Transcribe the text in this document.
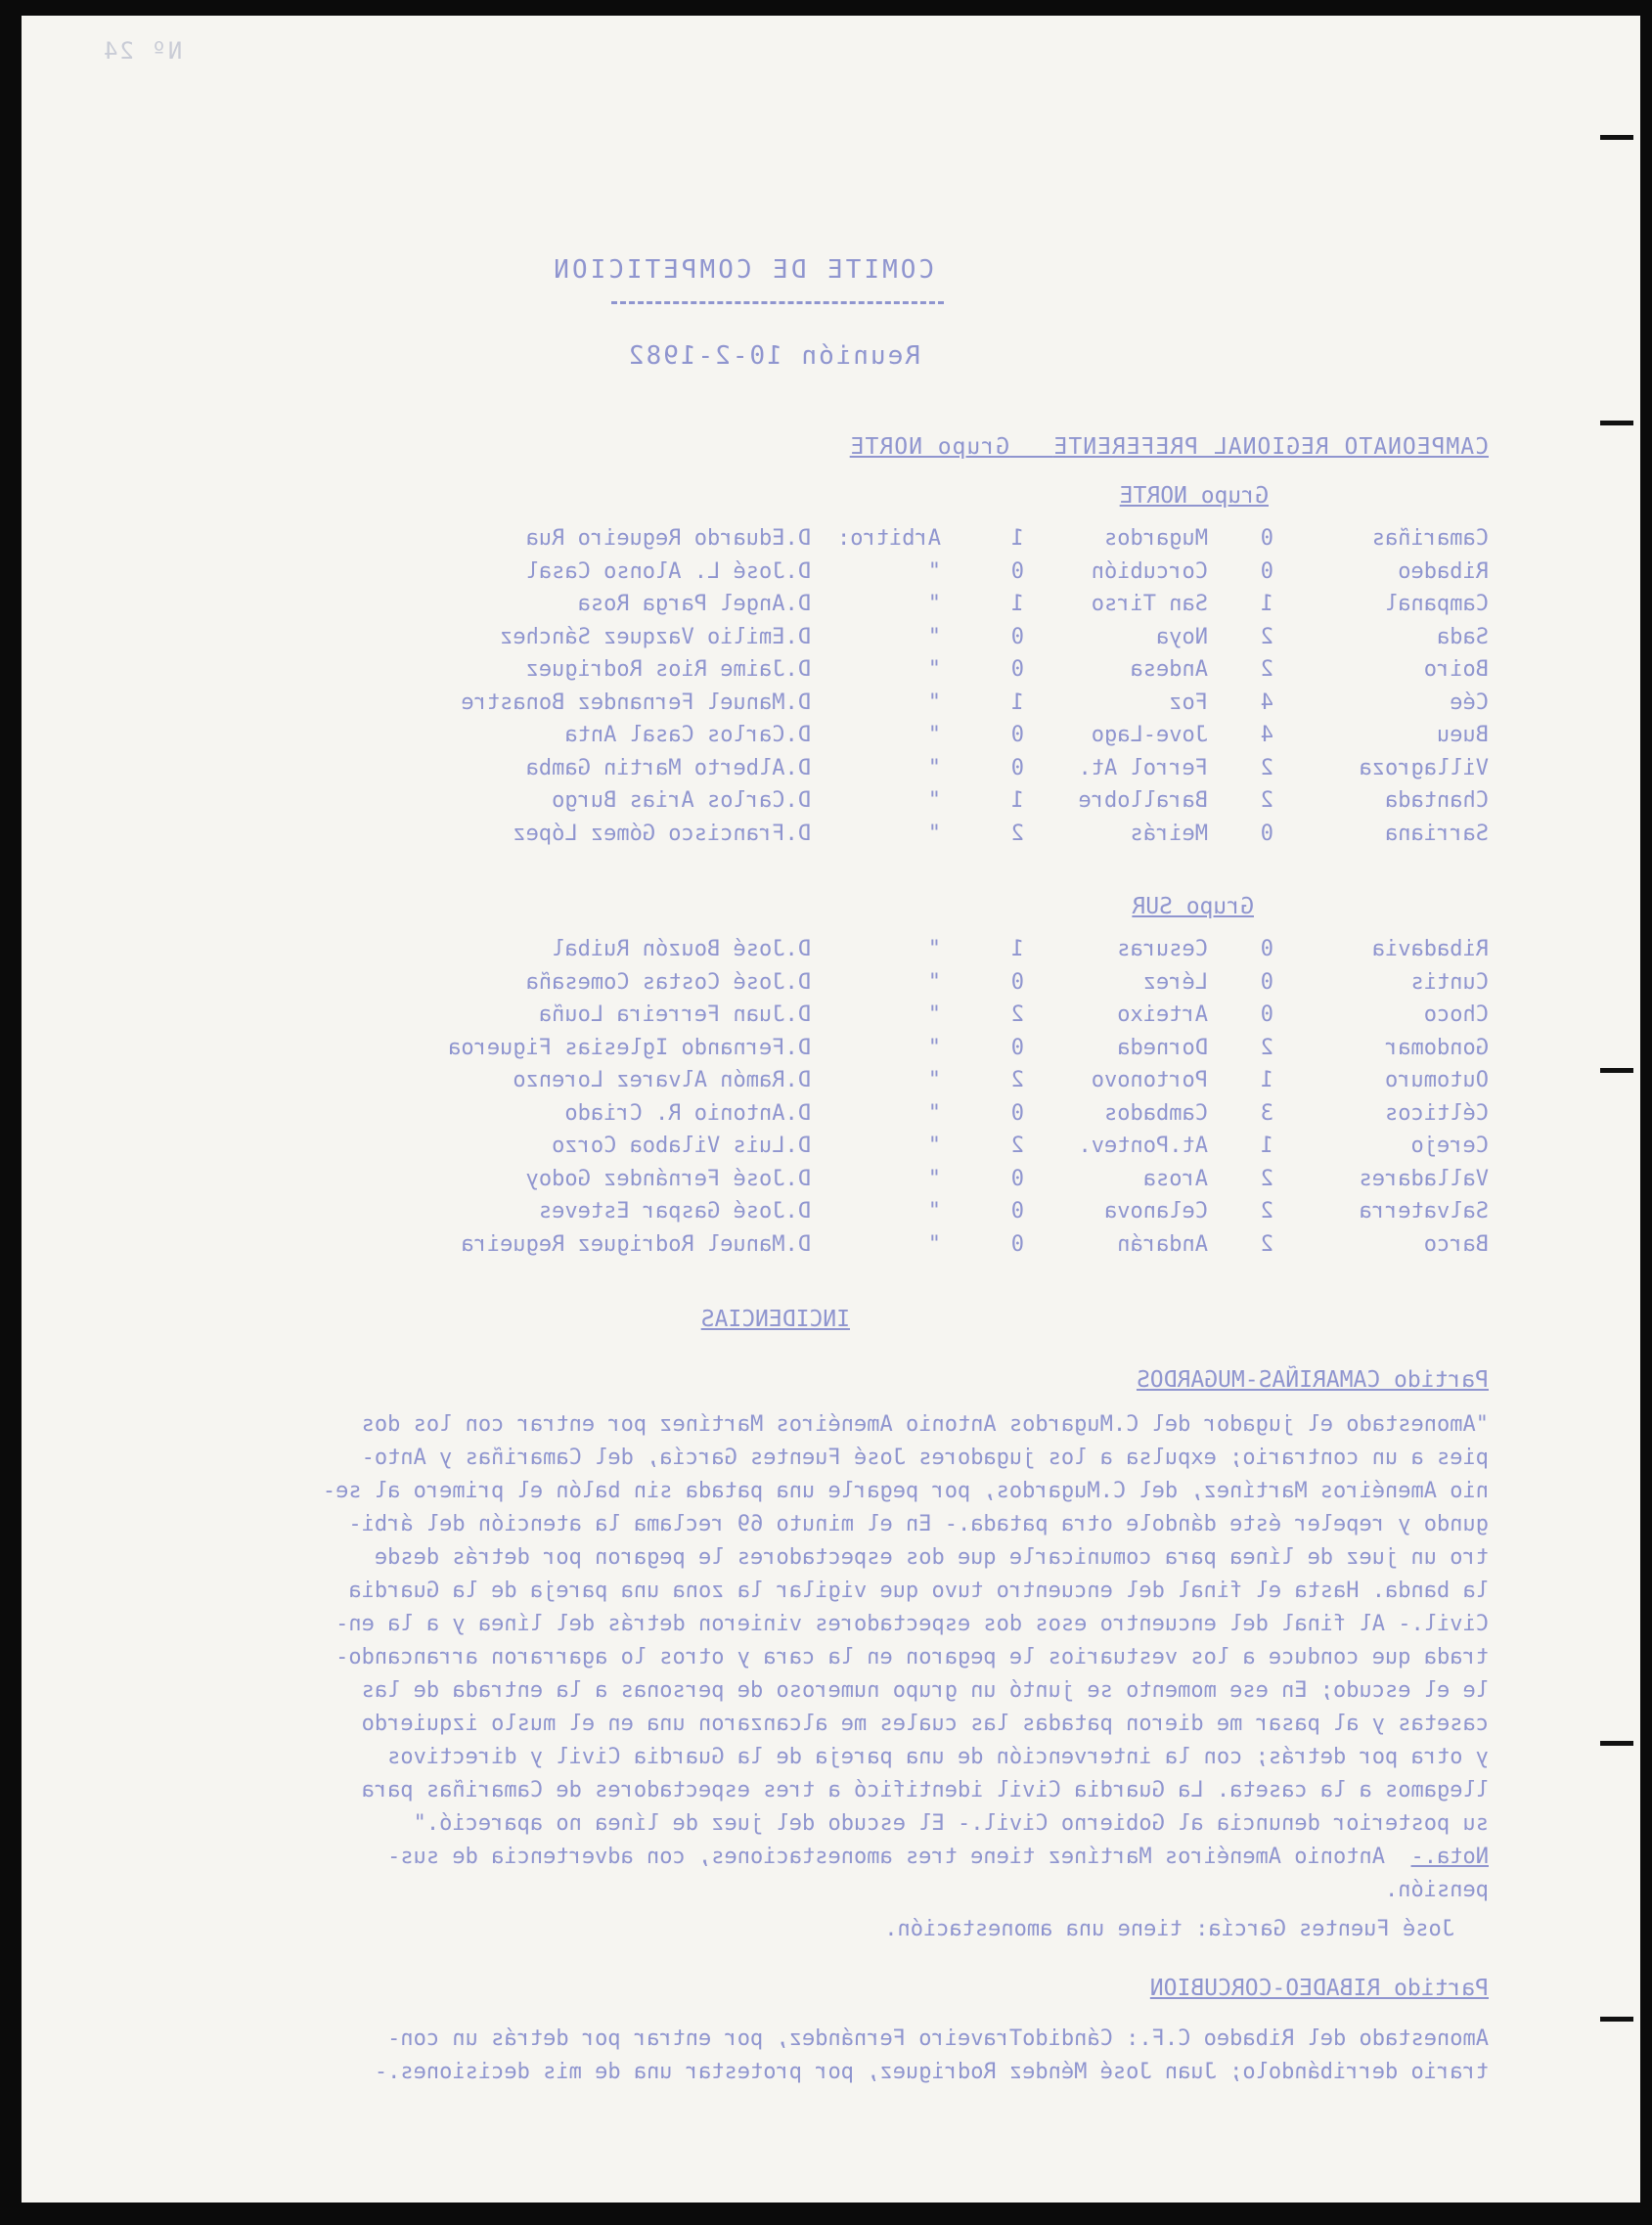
Nº 24
COMITE DE COMPETICION
Reunión 10-2-1982
CAMPEONATO REGIONAL PREFERENTE   Grupo NORTE
Grupo NORTE
Camariñas
0
Mugardos
1
Arbitro:
D.Eduardo Regueiro Rua
Ribadeo
0
Corcubión
0
"
D.José L. Alonso Casal
Campanal
1
San Tirso
1
"
D.Angel Parga Rosa
Sada
2
Noya
0
"
D.Emilio Vazquez Sánchez
Boiro
2
Andesa
0
"
D.Jaime Rios Rodriguez
Cée
4
Foz
1
"
D.Manuel Fernandez Bonastre
Bueu
4
Jove-Lago
0
"
D.Carlos Casal Anta
Villagroza
2
Ferrol At.
0
"
D.Alberto Martin Gamba
Chantada
2
Barallobre
1
"
D.Carlos Arias Burgo
Sarriana
0
Meirás
2
"
D.Francisco Gómez López
Grupo SUR
Ribadavia
0
Cesuras
1
"
D.José Bouzón Ruibal
Cuntis
0
Lérez
0
"
D.José Costas Comesaña
Choco
0
Arteixo
2
"
D.Juan Ferreira Louña
Gondomar
2
Dorneda
0
"
D.Fernando Iglesias Figueroa
Outomuro
1
Portonovo
2
"
D.Ramón Alvarez Lorenzo
Célticos
3
Cambados
0
"
D.Antonio R. Criado
Cerejo
1
At.Pontev.
2
"
D.Luis Vilaboa Corzo
Valladares
2
Arosa
0
"
D.José Fernández Godoy
Salvaterra
2
Celanova
0
"
D.José Gaspar Esteves
Barco
2
Andarán
0
"
D.Manuel Rodriguez Regueira
INCIDENCIAS
Partido CAMARIÑAS-MUGARDOS
"Amonestado el jugador del C.Mugardos Antonio Amenéiros Martínez por entrar con los dos
pies a un contrario; expulsa a los jugadores José Fuentes García, del Camariñas y Anto-
nio Amenéiros Martínez, del C.Mugardos, por pegarle una patada sin balón el primero al se-
gundo y repeler éste dándole otra patada.- En el minuto 69 reclama la atención del árbi-
tro un juez de línea para comunicarle que dos espectadores le pegaron por detrás desde
la banda. Hasta el final del encuentro tuvo que vigilar la zona una pareja de la Guardia
Civil.- Al final del encuentro esos dos espectadores vinieron detrás del línea y a la en-
trada que conduce a los vestuarios le pegaron en la cara y otros lo agarraron arrancando-
le el escudo; En ese momento se juntó un grupo numeroso de personas a la entrada de las
casetas y al pasar me dieron patadas las cuales me alcanzaron una en el muslo izquierdo
y otra por detrás; con la intervención de una pareja de la Guardia Civil y directivos
llegamos a la caseta. La Guardia Civil identificó a tres espectadores de Camariñas para
su posterior denuncia al Gobierno Civil.- El escudo del juez de línea no apareció."
Nota.-  Antonio Amenéiros Martínez tiene tres amonestaciones, con advertencia de sus-
pensión.
José Fuentes García: tiene una amonestación.
Partido RIBADEO-CORCUBION
Amonestado del Ribadeo C.F.: CándidoTraveiro Fernández, por entrar por detrás un con-
trario derribándolo; Juan José Méndez Rodriguez, por protestar una de mis decisiones.-
